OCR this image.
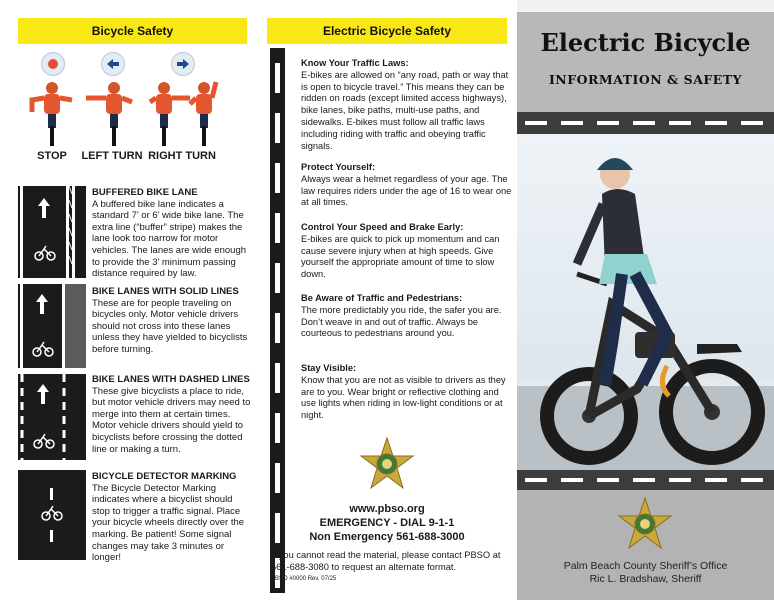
Bicycle Safety
STOP	LEFT TURN RIGHT TURN
BUFFERED BIKE LANE
A buffered bike lane indicates a standard 7’ or 6’ wide bike lane. The extra line (“buffer” stripe) makes the lane look too narrow for motor vehicles. The lanes are wide enough to provide the 3’ minimum passing distance required by law.
BIKE LANES WITH SOLID LINES
These are for people traveling on bicycles only. Motor vehicle drivers should not cross into these lanes unless they have yielded to bicyclists before turning.
BIKE LANES WITH DASHED LINES
These give bicyclists a place to ride, but motor vehicle drivers may need to merge into them at certain times. Motor vehicle drivers should yield to bicyclists before crossing the dotted line or making a turn.
BICYCLE DETECTOR MARKING
The Bicycle Detector Marking indicates where a bicyclist should stop to trigger a traffic signal. Place your bicycle wheels directly over the marking. Be patient! Some signal changes may take 3 minutes or longer!
Electric Bicycle Safety
Know Your Traffic Laws:
E-bikes are allowed on “any road, path or way that is open to bicycle travel.” This means they can be ridden on roads (except limited access highways), bike lanes, bike paths, multi-use paths, and sidewalks. E-bikes must follow all traffic laws including riding with traffic and obeying traffic signals.
Protect Yourself:
Always wear a helmet regardless of your age. The law requires riders under the age of 16 to wear one at all times.
Control Your Speed and Brake Early:
E-bikes are quick to pick up momentum and can cause severe injury when at high speeds. Give yourself the appropriate amount of time to slow down.
Be Aware of Traffic and Pedestrians:
The more predictably you ride, the safer you are. Don’t weave in and out of traffic. Always be courteous to pedestrians around you.
Stay Visible:
Know that you are not as visible to drivers as they are to you. Wear bright or reflective clothing and use lights when riding in low-light conditions or at night.
www.pbso.org
EMERGENCY - DIAL 9-1-1
Non Emergency 561-688-3000
If you cannot read the material, please contact PBSO at 561-688-3080 to request an alternate format.
PBSO #0000 Rev. 07/25
Electric Bicycle
INFORMATION & SAFETY
Palm Beach County Sheriff’s Office
Ric L. Bradshaw, Sheriff
